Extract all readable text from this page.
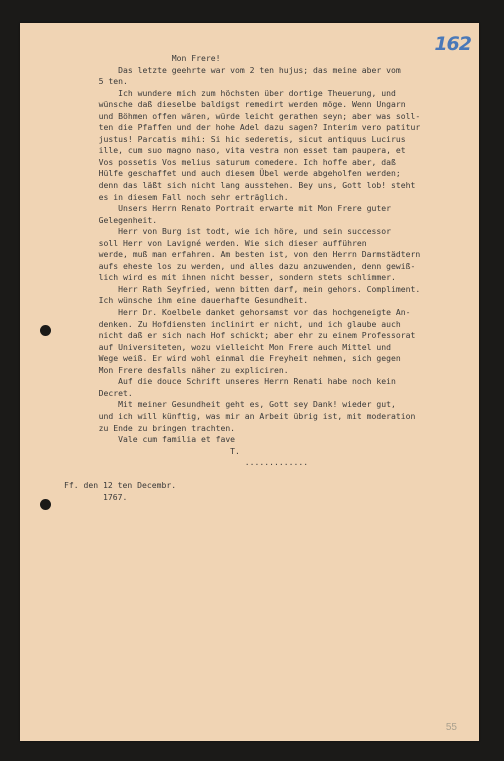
162
Mon Frere!
Das letzte geehrte war vom 2 ten hujus; das meine aber vom
5 ten.
Ich wundere mich zum höchsten über dortige Theuerung, und
wünsche daß dieselbe baldigst remedirt werden möge. Wenn Ungarn
und Böhmen offen wären, würde leicht gerathen seyn; aber was soll-
ten die Pfaffen und der hohe Adel dazu sagen? Interim vero patitur
justus! Parcatis mihi: Si hic sederetis, sicut antiquus Lucirus
ille, cum suo magno naso, vita vestra non esset tam paupera, et
Vos possetis Vos melius saturum comedere. Ich hoffe aber, daß
Hülfe geschaffet und auch diesem Übel werde abgeholfen werden;
denn das läßt sich nicht lang ausstehen. Bey uns, Gott lob! steht
es in diesem Fall noch sehr erträglich.
Unsers Herrn Renato Portrait erwarte mit Mon Frere guter
Gelegenheit.
Herr von Burg ist todt, wie ich höre, und sein successor
soll Herr von Lavigné werden. Wie sich dieser aufführen
werde, muß man erfahren. Am besten ist, von den Herrn Darmstädtern
aufs eheste los zu werden, und alles dazu anzuwenden, denn gewiß-
lich wird es mit ihnen nicht besser, sondern stets schlimmer.
Herr Rath Seyfried, wenn bitten darf, mein gehors. Compliment.
Ich wünsche ihm eine dauerhafte Gesundheit.
Herr Dr. Koelbele danket gehorsamst vor das hochgeneigte An-
denken. Zu Hofdiensten inclinirt er nicht, und ich glaube auch
nicht daß er sich nach Hof schickt; aber ehr zu einem Professorat
auf Universiteten, wozu vielleicht Mon Frere auch Mittel und
Wege weiß. Er wird wohl einmal die Freyheit nehmen, sich gegen
Mon Frere desfalls näher zu expliciren.
Auf die douce Schrift unseres Herrn Renati habe noch kein
Decret.
Mit meiner Gesundheit geht es, Gott sey Dank! wieder gut,
und ich will künftig, was mir an Arbeit übrig ist, mit moderation
zu Ende zu bringen trachten.
Vale cum familia et fave
T.
.............
Ff. den 12 ten Decembr.
1767.
55
